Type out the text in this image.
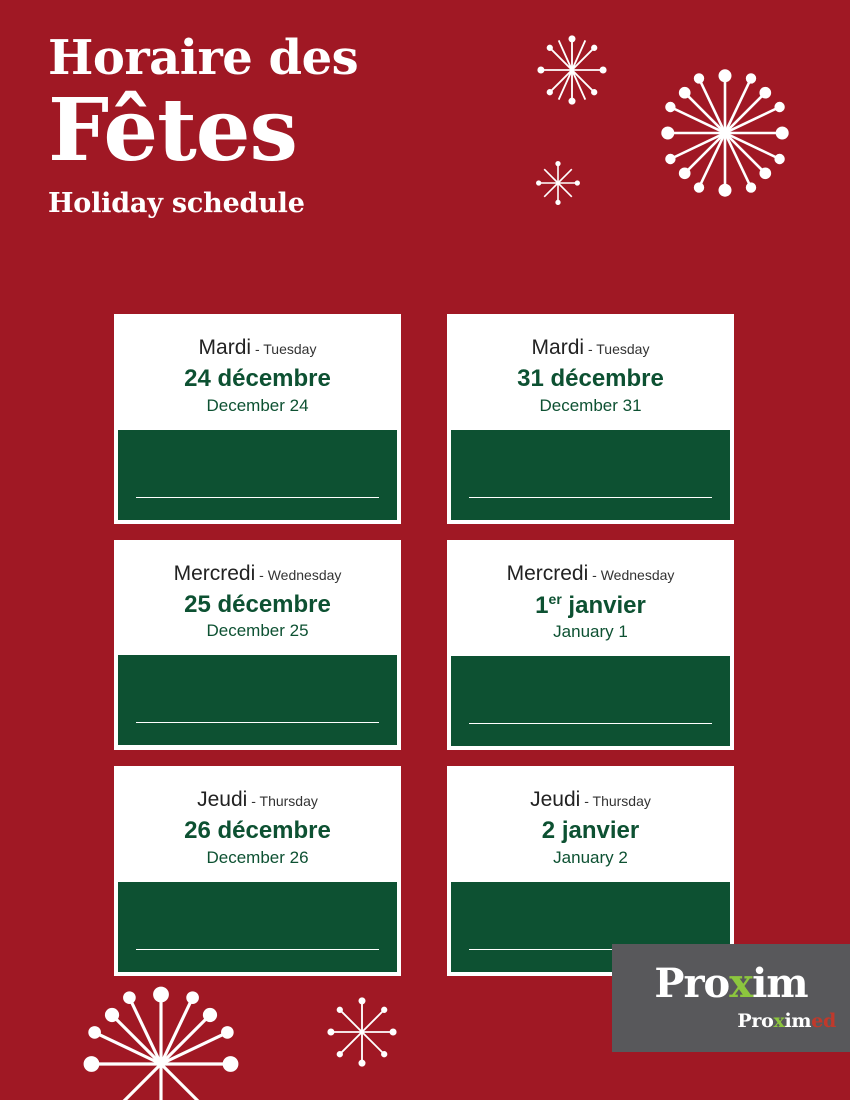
Horaire des
Fêtes
Holiday schedule
Mardi - Tuesday
24 décembre
December 24
Mardi - Tuesday
31 décembre
December 31
Mercredi - Wednesday
25 décembre
December 25
Mercredi - Wednesday
1er janvier
January 1
Jeudi - Thursday
26 décembre
December 26
Jeudi - Thursday
2 janvier
January 2
Proxim
Proximed
